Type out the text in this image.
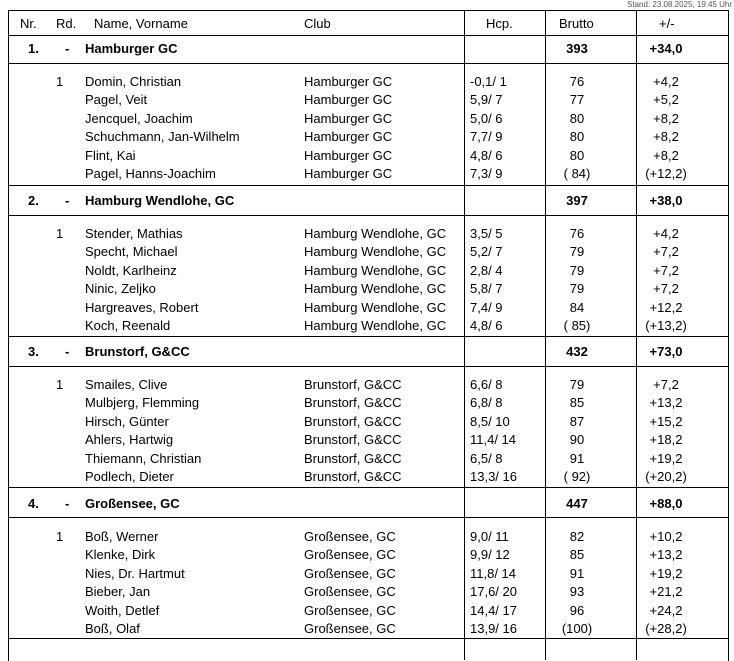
Stand: 23.08.2025, 19:45 Uhr
Nr. Rd. Name, Vorname	Club	Hcp.	Brutto	+/-
1. - Hamburger GC	393	+34,0
1 Domin, Christian	Hamburger GC	-0,1/ 1	76	+4,2
Pagel, Veit	Hamburger GC	5,9/ 7	77	+5,2
Jencquel, Joachim	Hamburger GC	5,0/ 6	80	+8,2
Schuchmann, Jan-Wilhelm	Hamburger GC	7,7/ 9	80	+8,2
Flint, Kai	Hamburger GC	4,8/ 6	80	+8,2
Pagel, Hanns-Joachim	Hamburger GC	7,3/ 9	( 84)	(+12,2)
2. - Hamburg Wendlohe, GC	397	+38,0
1 Stender, Mathias	Hamburg Wendlohe, GC 3,5/ 5	76	+4,2
Specht, Michael	Hamburg Wendlohe, GC 5,2/ 7	79	+7,2
Noldt, Karlheinz	Hamburg Wendlohe, GC 2,8/ 4	79	+7,2
Ninic, Zeljko	Hamburg Wendlohe, GC 5,8/ 7	79	+7,2
Hargreaves, Robert	Hamburg Wendlohe, GC 7,4/ 9	84	+12,2
Koch, Reenald	Hamburg Wendlohe, GC 4,8/ 6	( 85)	(+13,2)
3. - Brunstorf, G&CC	432	+73,0
1 Smailes, Clive	Brunstorf, G&CC	6,6/ 8	79	+7,2
Mulbjerg, Flemming	Brunstorf, G&CC	6,8/ 8	85	+13,2
Hirsch, Günter	Brunstorf, G&CC	8,5/ 10	87	+15,2
Ahlers, Hartwig	Brunstorf, G&CC	11,4/ 14	90	+18,2
Thiemann, Christian	Brunstorf, G&CC	6,5/ 8	91	+19,2
Podlech, Dieter	Brunstorf, G&CC	13,3/ 16	( 92)	(+20,2)
4. - Großensee, GC	447	+88,0
1 Boß, Werner	Großensee, GC	9,0/ 11	82	+10,2
Klenke, Dirk	Großensee, GC	9,9/ 12	85	+13,2
Nies, Dr. Hartmut	Großensee, GC	11,8/ 14	91	+19,2
Bieber, Jan	Großensee, GC	17,6/ 20	93	+21,2
Woith, Detlef	Großensee, GC	14,4/ 17	96	+24,2
Boß, Olaf	Großensee, GC	13,9/ 16	(100)	(+28,2)
